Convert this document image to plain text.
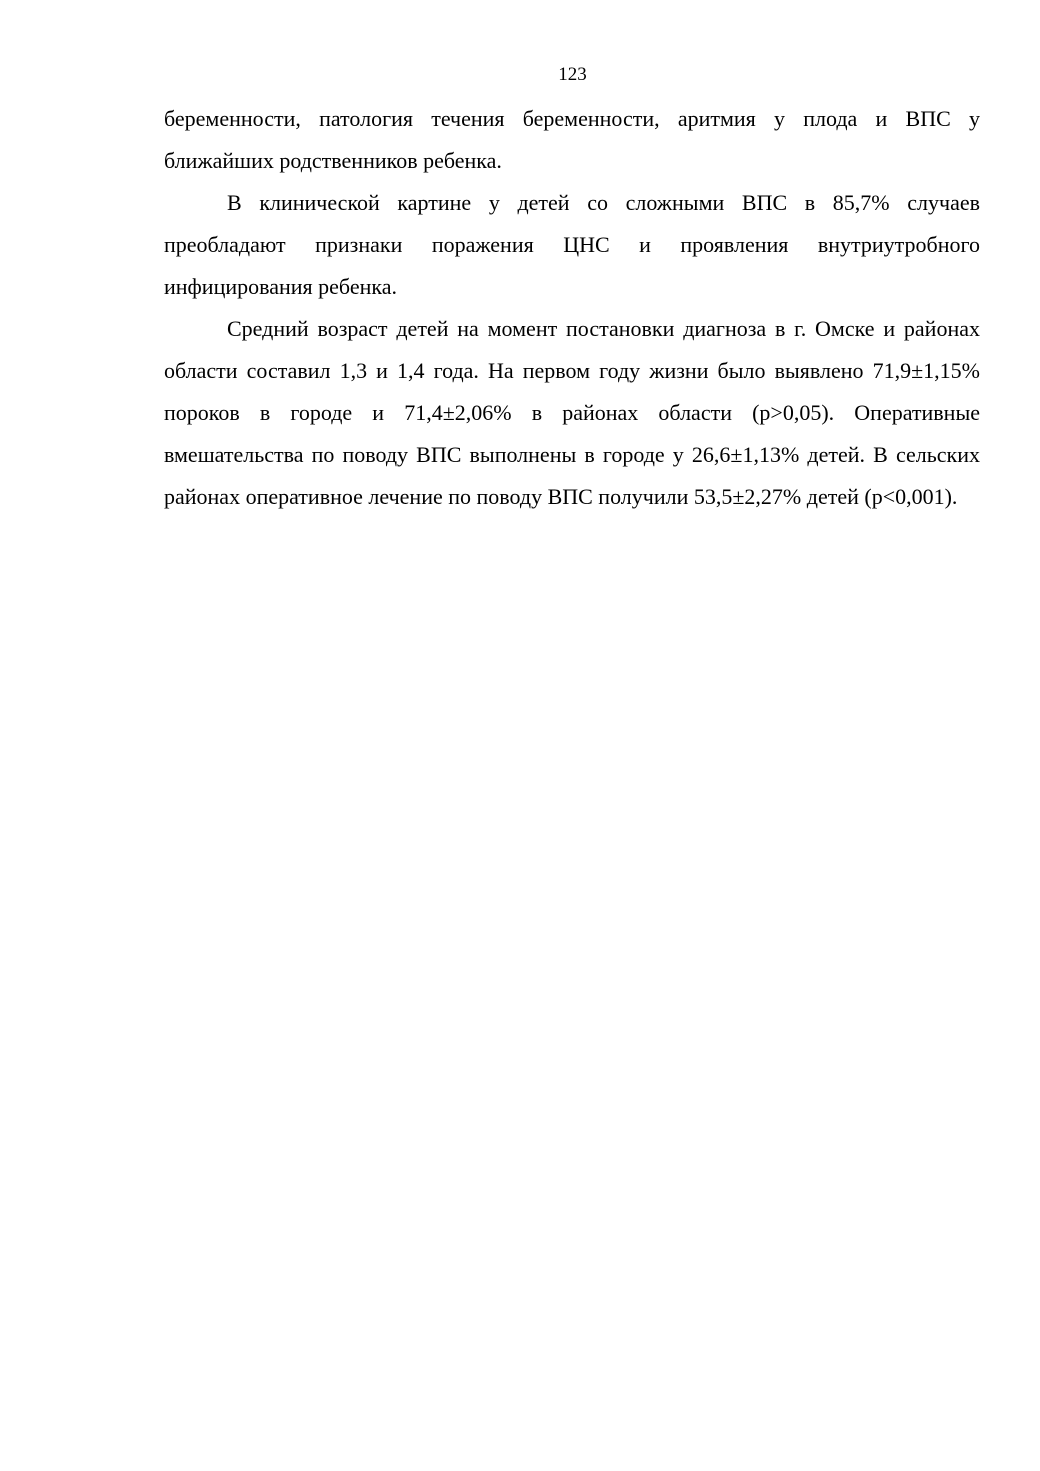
123

беременности, патология течения беременности, аритмия у плода и ВПС у ближайших родственников ребенка.

В клинической картине у детей со сложными ВПС в 85,7% случаев преобладают признаки поражения ЦНС и проявления внутриутробного инфицирования ребенка.

Средний возраст детей на момент постановки диагноза в г. Омске и районах области составил 1,3 и 1,4 года. На первом году жизни было выявлено 71,9±1,15% пороков в городе и 71,4±2,06% в районах области (р>0,05). Оперативные вмешательства по поводу ВПС выполнены в городе у 26,6±1,13% детей. В сельских районах оперативное лечение по поводу ВПС получили 53,5±2,27% детей (р<0,001).
